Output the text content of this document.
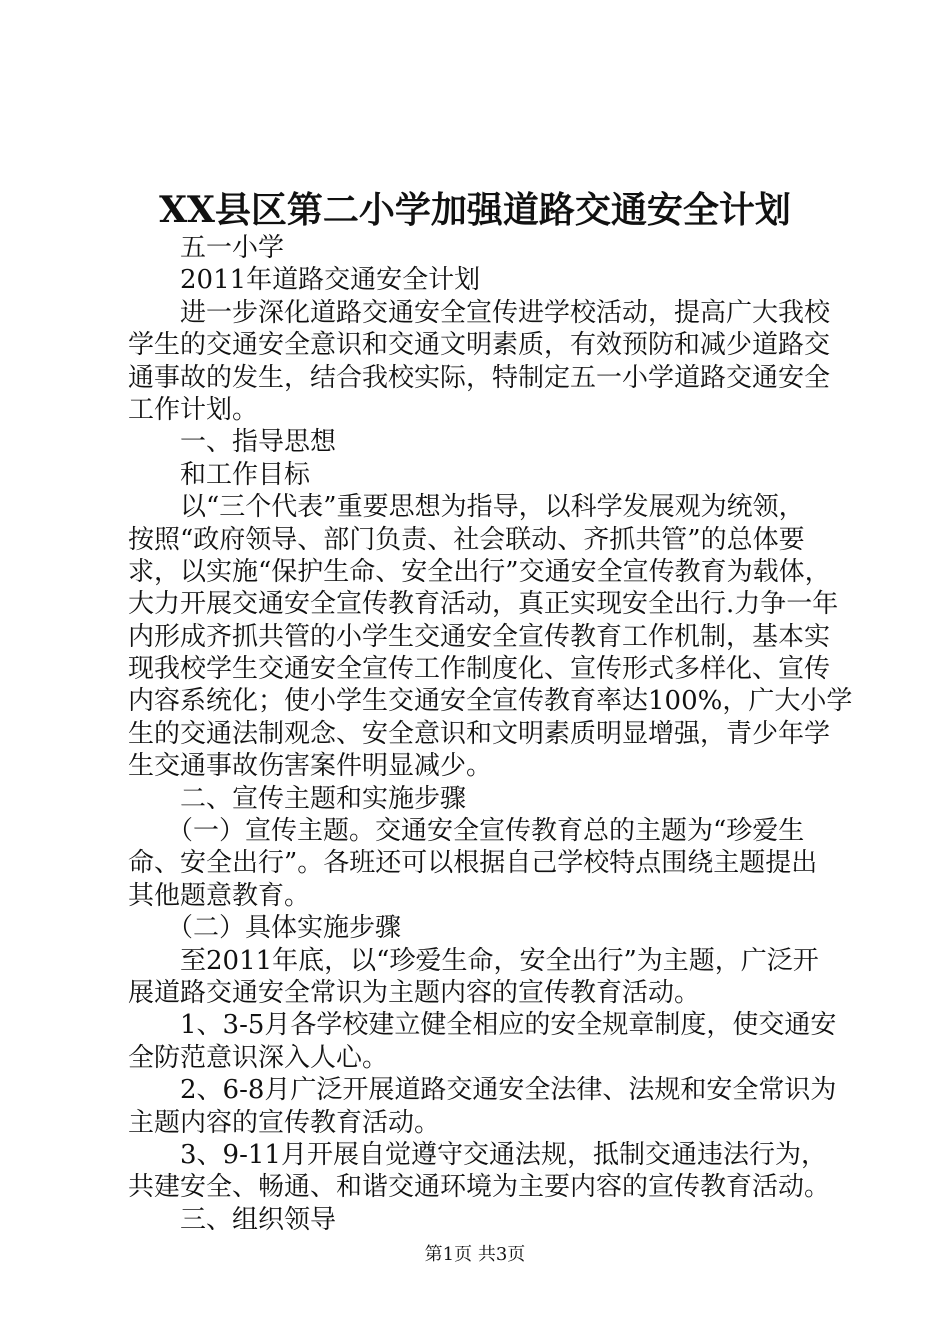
XX县区第二小学加强道路交通安全计划
　　五一小学
　　2011年道路交通安全计划
　　进一步深化道路交通安全宣传进学校活动，提高广大我校
学生的交通安全意识和交通文明素质，有效预防和减少道路交
通事故的发生，结合我校实际，特制定五一小学道路交通安全
工作计划。
　　一、指导思想
　　和工作目标
　　以“三个代表”重要思想为指导，以科学发展观为统领，
按照“政府领导、部门负责、社会联动、齐抓共管”的总体要
求，以实施“保护生命、安全出行”交通安全宣传教育为载体，
大力开展交通安全宣传教育活动，真正实现安全出行.力争一年
内形成齐抓共管的小学生交通安全宣传教育工作机制，基本实
现我校学生交通安全宣传工作制度化、宣传形式多样化、宣传
内容系统化；使小学生交通安全宣传教育率达100%，广大小学
生的交通法制观念、安全意识和文明素质明显增强，青少年学
生交通事故伤害案件明显减少。
　　二、宣传主题和实施步骤
　　（一）宣传主题。交通安全宣传教育总的主题为“珍爱生
命、安全出行”。各班还可以根据自己学校特点围绕主题提出
其他题意教育。
　　（二）具体实施步骤
　　至2011年底，以“珍爱生命，安全出行”为主题，广泛开
展道路交通安全常识为主题内容的宣传教育活动。
　　1、3-5月各学校建立健全相应的安全规章制度，使交通安
全防范意识深入人心。
　　2、6-8月广泛开展道路交通安全法律、法规和安全常识为
主题内容的宣传教育活动。
　　3、9-11月开展自觉遵守交通法规，抵制交通违法行为，
共建安全、畅通、和谐交通环境为主要内容的宣传教育活动。
　　三、组织领导
第1页 共3页
